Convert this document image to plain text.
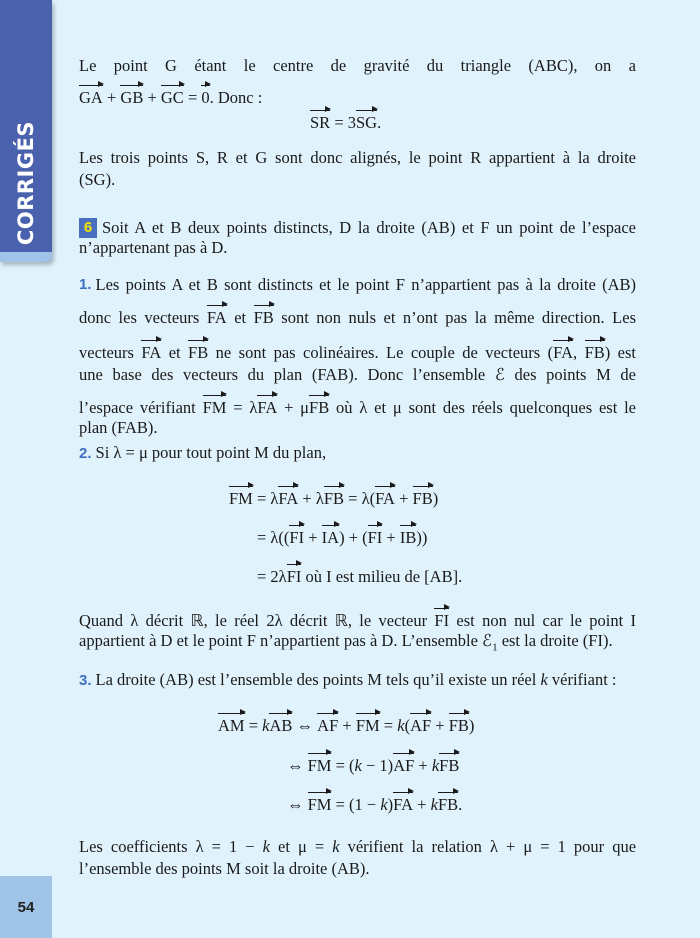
CORRIGÉS
54
Le point G étant le centre de gravité du triangle (ABC), on a
GA + GB + GC = 0. Donc :
SR = 3SG.
Les trois points S, R et G sont donc alignés, le point R appartient à la droite
(SG).
6 Soit A et B deux points distincts, D la droite (AB) et F un point de l’espace
n’appartenant pas à D.
1. Les points A et B sont distincts et le point F n’appartient pas à la droite (AB)
donc les vecteurs FA et FB sont non nuls et n’ont pas la même direction. Les
vecteurs FA et FB ne sont pas colinéaires. Le couple de vecteurs (FA, FB) est
une base des vecteurs du plan (FAB). Donc l’ensemble ℰ des points M de
l’espace vérifiant FM = λFA + μFB où λ et μ sont des réels quelconques est le
plan (FAB).
2. Si λ = μ pour tout point M du plan,
FM = λFA + λFB = λ(FA + FB)
= λ((FI + IA) + (FI + IB))
= 2λFI où I est milieu de [AB].
Quand λ décrit ℝ, le réel 2λ décrit ℝ, le vecteur FI est non nul car le point I
appartient à D et le point F n’appartient pas à D. L’ensemble ℰ$_1$ est la droite (FI).
3. La droite (AB) est l’ensemble des points M tels qu’il existe un réel k vérifiant :
AM = kAB ⇔ AF + FM = k(AF + FB)
⇔ FM = (k − 1)AF + kFB
⇔ FM = (1 − k)FA + kFB.
Les coefficients λ = 1 − k et μ = k vérifient la relation λ + μ = 1 pour que
l’ensemble des points M soit la droite (AB).
